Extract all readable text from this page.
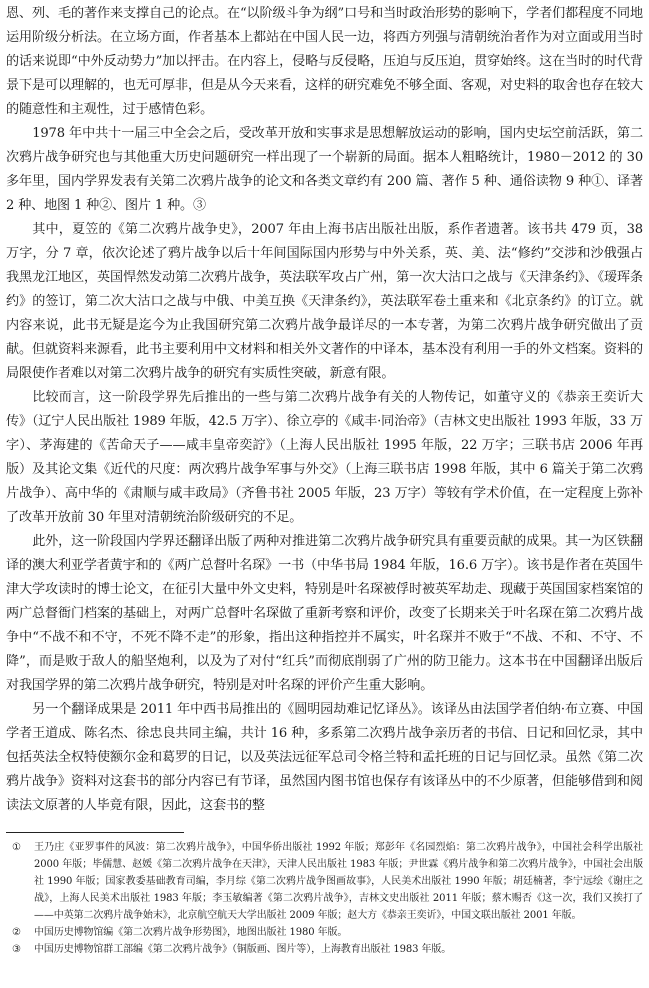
恩、列、毛的著作来支撑自己的论点。在“以阶级斗争为纲”口号和当时政治形势的影响下，学者们都程度不同地运用阶级分析法。在立场方面，作者基本上都站在中国人民一边，将西方列强与清朝统治者作为对立面或用当时的话来说即“中外反动势力”加以抨击。在内容上，侵略与反侵略，压迫与反压迫，贯穿始终。这在当时的时代背景下是可以理解的，也无可厚非，但是从今天来看，这样的研究难免不够全面、客观，对史料的取舍也存在较大的随意性和主观性，过于感情色彩。

1978 年中共十一届三中全会之后，受改革开放和实事求是思想解放运动的影响，国内史坛空前活跃，第二次鸦片战争研究也与其他重大历史问题研究一样出现了一个崭新的局面。据本人粗略统计，1980－2012 的 30 多年里，国内学界发表有关第二次鸦片战争的论文和各类文章约有 200 篇、著作 5 种、通俗读物 9 种①、译著 2 种、地图 1 种②、图片 1 种。③

其中，夏笠的《第二次鸦片战争史》，2007 年由上海书店出版社出版，系作者遗著。该书共 479 页，38 万字，分 7 章，依次论述了鸦片战争以后十年间国际国内形势与中外关系，英、美、法“修约”交涉和沙俄强占我黑龙江地区，英国悍然发动第二次鸦片战争，英法联军攻占广州，第一次大沽口之战与《天津条约》、《瑷珲条约》的签订，第二次大沽口之战与中俄、中美互换《天津条约》，英法联军卷土重来和《北京条约》的订立。就内容来说，此书无疑是迄今为止我国研究第二次鸦片战争最详尽的一本专著，为第二次鸦片战争研究做出了贡献。但就资料来源看，此书主要利用中文材料和相关外文著作的中译本，基本没有利用一手的外文档案。资料的局限使作者难以对第二次鸦片战争的研究有实质性突破，新意有限。

比较而言，这一阶段学界先后推出的一些与第二次鸦片战争有关的人物传记，如董守义的《恭亲王奕䜣大传》（辽宁人民出版社 1989 年版，42.5 万字）、徐立亭的《咸丰·同治帝》（吉林文史出版社 1993 年版，33 万字）、茅海建的《苦命天子——咸丰皇帝奕詝》（上海人民出版社 1995 年版，22 万字；三联书店 2006 年再版）及其论文集《近代的尺度：两次鸦片战争军事与外交》（上海三联书店 1998 年版，其中 6 篇关于第二次鸦片战争）、高中华的《肃顺与咸丰政局》（齐鲁书社 2005 年版，23 万字）等较有学术价值，在一定程度上弥补了改革开放前 30 年里对清朝统治阶级研究的不足。

此外，这一阶段国内学界还翻译出版了两种对推进第二次鸦片战争研究具有重要贡献的成果。其一为区铁翻译的澳大利亚学者黄宇和的《两广总督叶名琛》一书（中华书局 1984 年版，16.6 万字）。该书是作者在英国牛津大学攻读时的博士论文，在征引大量中外文史料，特别是叶名琛被俘时被英军劫走、现藏于英国国家档案馆的两广总督衙门档案的基础上，对两广总督叶名琛做了重新考察和评价，改变了长期来关于叶名琛在第二次鸦片战争中“不战不和不守，不死不降不走”的形象，指出这种指控并不属实，叶名琛并不败于“不战、不和、不守、不降”，而是败于敌人的船坚炮利，以及为了对付“红兵”而彻底削弱了广州的防卫能力。这本书在中国翻译出版后对我国学界的第二次鸦片战争研究，特别是对叶名琛的评价产生重大影响。

另一个翻译成果是 2011 年中西书局推出的《圆明园劫难记忆译丛》。该译丛由法国学者伯纳·布立赛、中国学者王道成、陈名杰、徐忠良共同主编，共计 16 种，多系第二次鸦片战争亲历者的书信、日记和回忆录，其中包括英法全权特使额尔金和葛罗的日记，以及英法远征军总司令格兰特和孟托班的日记与回忆录。虽然《第二次鸦片战争》资料对这套书的部分内容已有节译，虽然国内图书馆也保存有该译丛中的不少原著，但能够借到和阅读法文原著的人毕竟有限，因此，这套书的整

① 王乃庄《亚罗事件的风波：第二次鸦片战争》，中国华侨出版社 1992 年版；郑彭年《名园烈焰：第二次鸦片战争》，中国社会科学出版社 2000 年版；毕儒慧、赵媛《第二次鸦片战争在天津》，天津人民出版社 1983 年版；尹世霖《鸦片战争和第二次鸦片战争》，中国社会出版社 1990 年版；国家教委基础教育司编，李月综《第二次鸦片战争图画故事》，人民美术出版社 1990 年版；胡廷楠著，李宁远绘《谢庄之战》，上海人民美术出版社 1983 年版；李玉敏编著《第二次鸦片战争》，吉林文史出版社 2011 年版；蔡木赐否《这一次，我们又挨打了——中英第二次鸦片战争始末》，北京航空航天大学出版社 2009 年版；赵大方《恭亲王奕䜣》，中国文联出版社 2001 年版。

② 中国历史博物馆编《第二次鸦片战争形势图》，地图出版社 1980 年版。

③ 中国历史博物馆群工部编《第二次鸦片战争》（铜版画、图片等），上海教育出版社 1983 年版。
